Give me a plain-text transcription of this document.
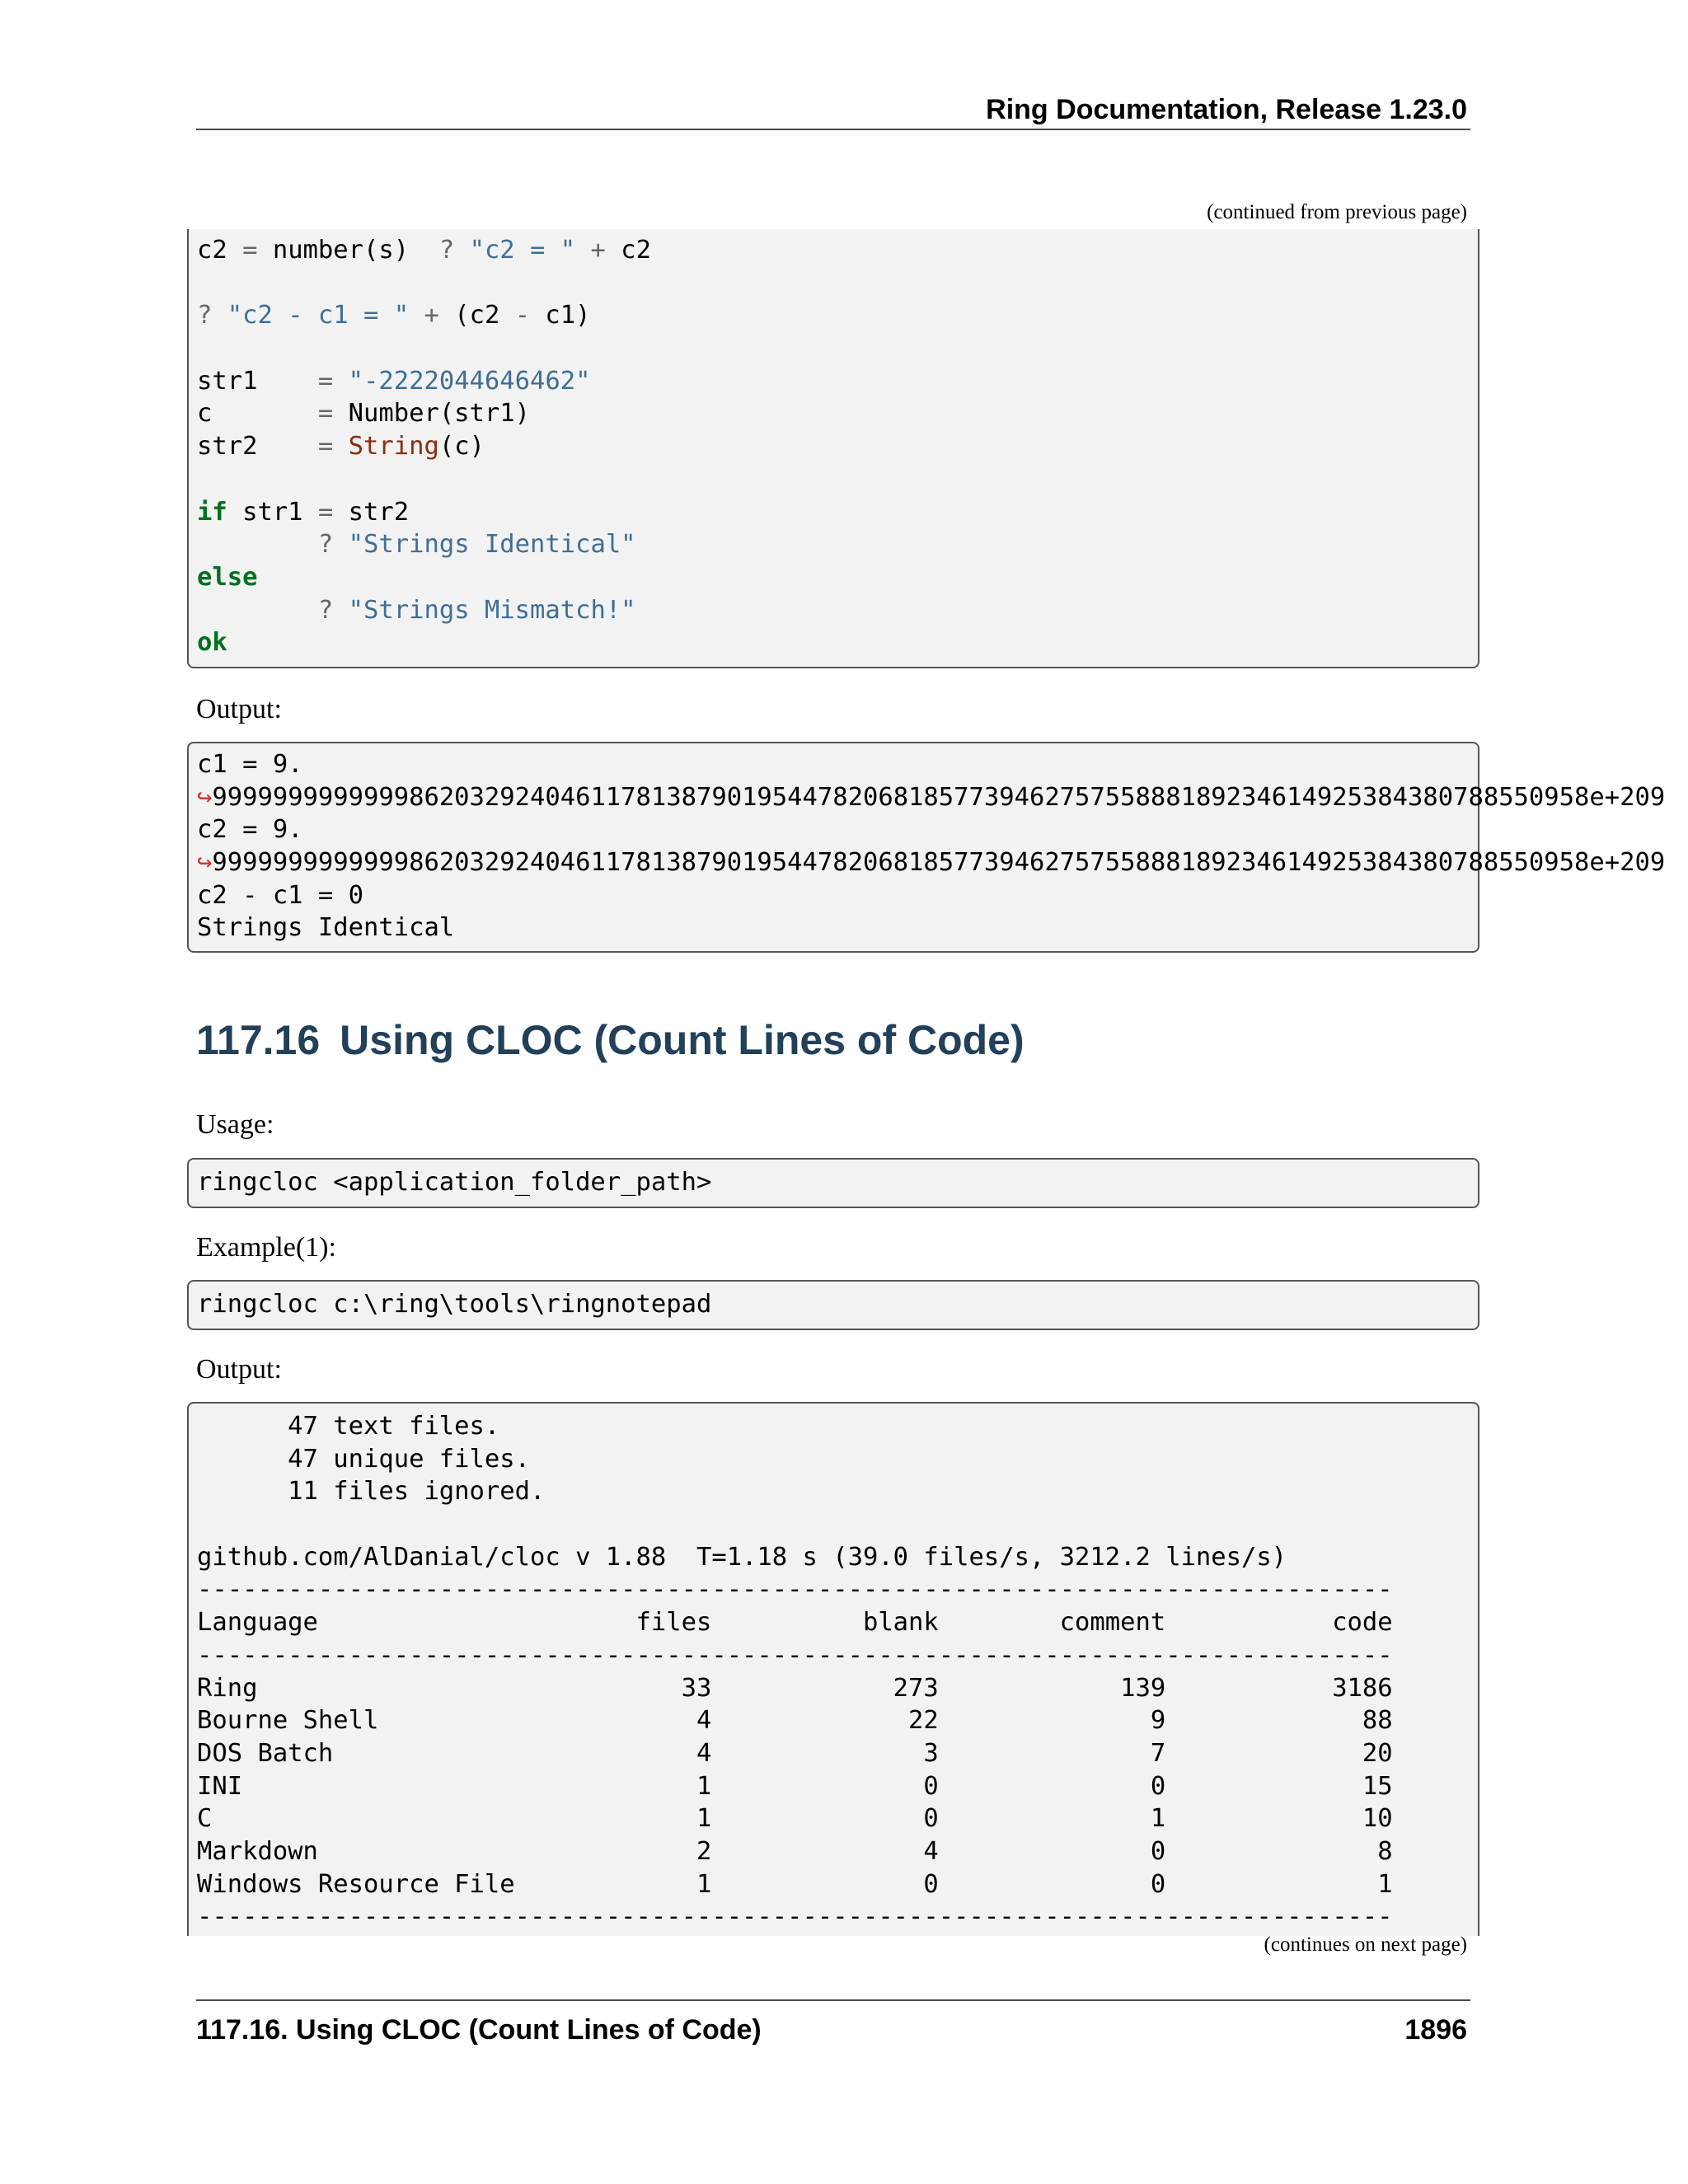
Ring Documentation, Release 1.23.0
(continued from previous page)
c2 = number(s)  ? "c2 = " + c2

? "c2 - c1 = " + (c2 - c1)

str1    = "-2222044646462"
c       = Number(str1)
str2    = String(c)

if str1 = str2
? "Strings Identical"
else
? "Strings Mismatch!"
ok
Output:
c1 = 9.
↪999999999999986203292404611781387901954478206818577394627575588818923461492538438078855095​8e+209
c2 = 9.
↪999999999999986203292404611781387901954478206818577394627575588818923461492538438078855095​8e+209
c2 - c1 = 0
Strings Identical
117.16 Using CLOC (Count Lines of Code)
Usage:
ringcloc <application_folder_path>
Example(1):
ringcloc c:\ring\tools\ringnotepad
Output:
47 text files.
47 unique files.
11 files ignored.
github.com/AlDanial/cloc v 1.88  T=1.18 s (39.0 files/s, 3212.2 lines/s)
-------------------------------------------------------------------------------
Language                     files          blank        comment           code
-------------------------------------------------------------------------------
Ring                            33            273            139           3186
Bourne Shell                     4             22              9             88
DOS Batch                        4              3              7             20
INI                              1              0              0             15
C                                1              0              1             10
Markdown                         2              4              0              8
Windows Resource File            1              0              0              1
-------------------------------------------------------------------------------
(continues on next page)
117.16. Using CLOC (Count Lines of Code)	1896
